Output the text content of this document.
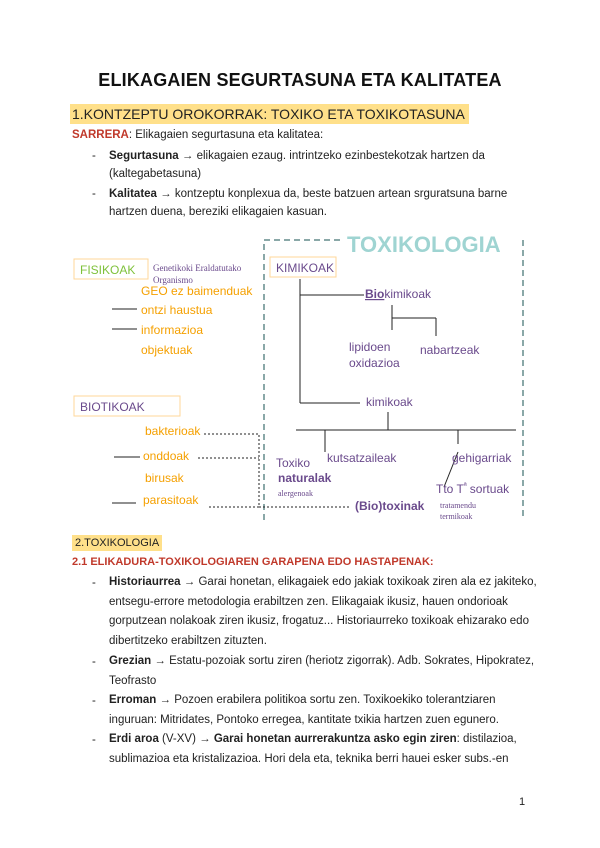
ELIKAGAIEN SEGURTASUNA ETA KALITATEA
1.KONTZEPTU OROKORRAK: TOXIKO ETA TOXIKOTASUNA
SARRERA: Elikagaien segurtasuna eta kalitatea:
- Segurtasuna → elikagaien ezaug. intrintzeko ezinbestekotzak hartzen da
(kaltegabetasuna)
- Kalitatea → kontzeptu konplexua da, beste batzuen artean srguratsuna barne
hartzen duena, bereziki elikagaien kasuan.
TOXIKOLOGIA
FISIKOAK Genetikoki Eraldatutako
Organismo
GEO ez baimenduak
ontzi haustua
informazioa
objektuak
BIOTIKOAK
bakterioak
onddoak
birusak
parasitoak
KIMIKOAK
Biokimikoak
lipidoen
oxidazioa
nabartzeak
kimikoak
Toxiko
naturalak
alergenoak
kutsatzaileak	gehigarriak
Tto $T^ª$ sortuak
tratamendu
termikoak
(Bio)toxinak
2.TOXIKOLOGIA
2.1 ELIKADURA-TOXIKOLOGIAREN GARAPENA EDO HASTAPENAK:
- Historiaurrea → Garai honetan, elikagaiek edo jakiak toxikoak ziren ala ez jakiteko,
entsegu-errore metodologia erabiltzen zen. Elikagaiak ikusiz, hauen ondorioak
gorputzean nolakoak ziren ikusiz, frogatuz... Historiaurreko toxikoak ehizarako edo
dibertitzeko erabiltzen zituzten.
- Grezian → Estatu-pozoiak sortu ziren (heriotz zigorrak). Adb. Sokrates, Hipokratez,
Teofrasto
- Erroman → Pozoen erabilera politikoa sortu zen. Toxikoekiko tolerantziaren
inguruan: Mitridates, Pontoko erregea, kantitate txikia hartzen zuen egunero.
- Erdi aroa (V-XV) → Garai honetan aurrerakuntza asko egin ziren: distilazioa,
sublimazioa eta kristalizazioa. Hori dela eta, teknika berri hauei esker subs.-en
1
